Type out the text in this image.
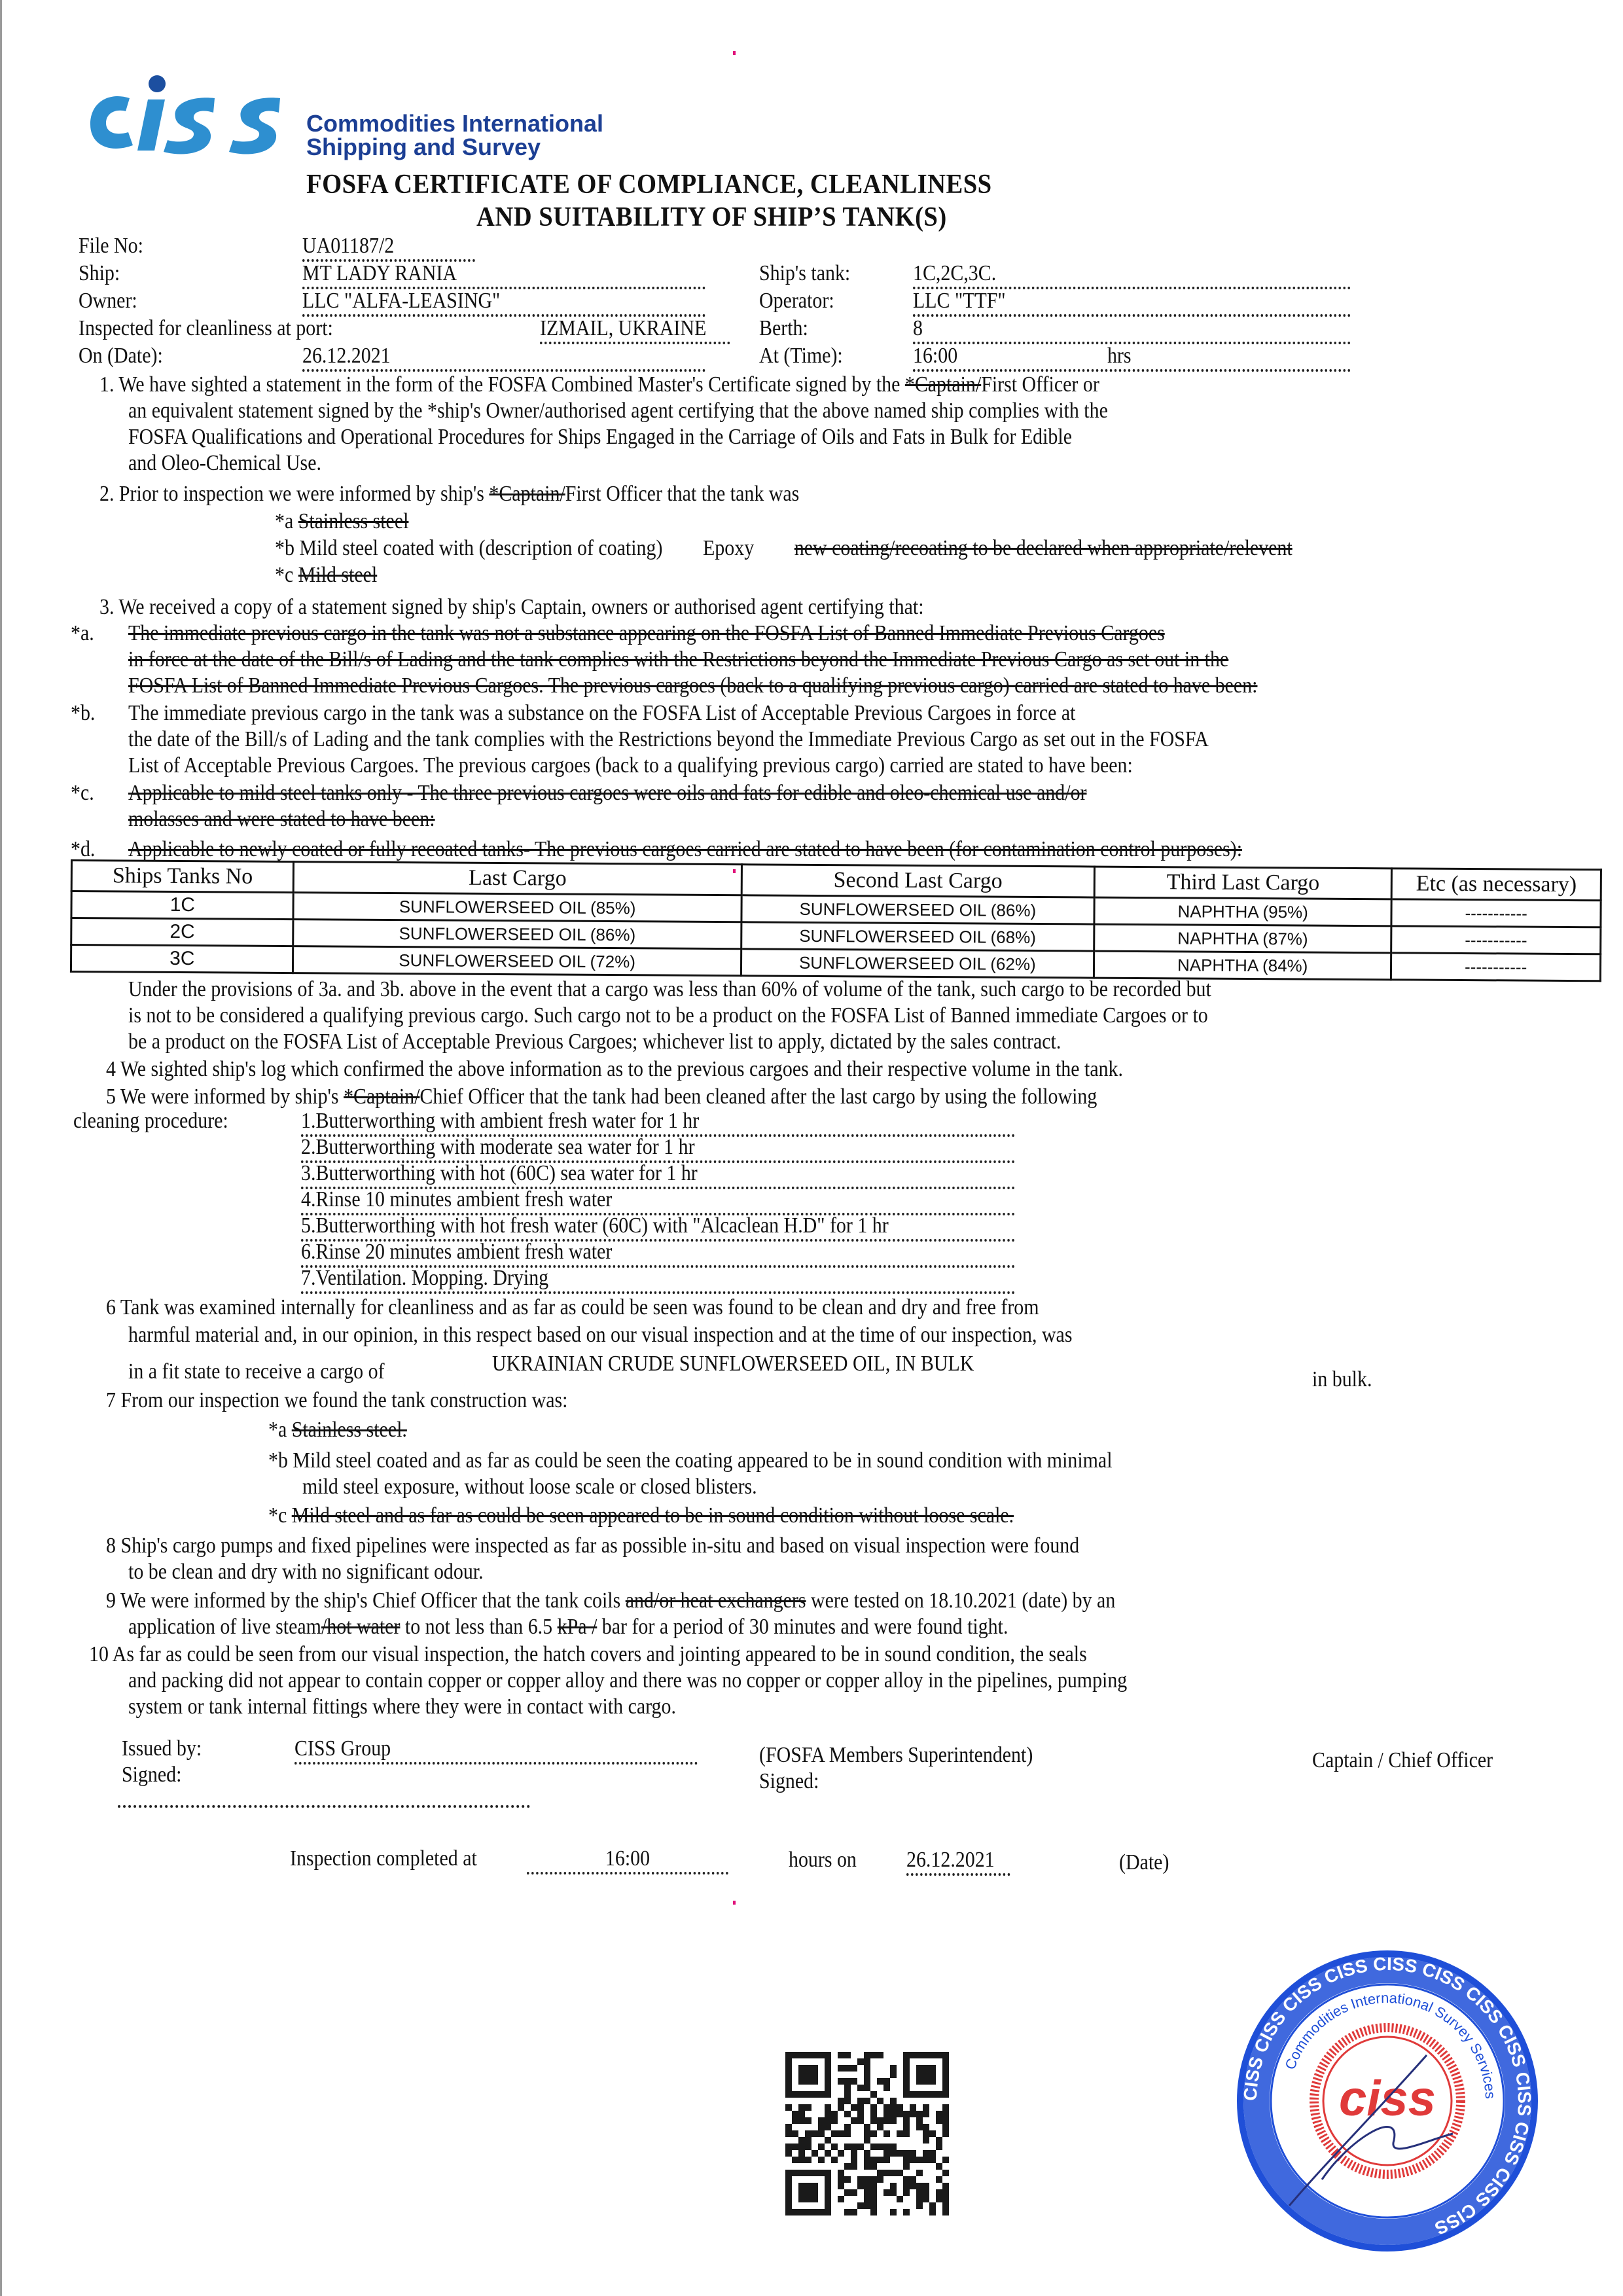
Commodities International
Shipping and Survey
FOSFA CERTIFICATE OF COMPLIANCE, CLEANLINESS
AND SUITABILITY OF SHIP’S TANK(S)
File No:	UA01187/2
Ship:	MT LADY RANIA	Ship's tank:	1C,2C,3C.
Owner:	LLC "ALFA-LEASING"	Operator:	LLC "TTF"
Inspected for cleanliness at port:	IZMAIL, UKRAINE	Berth:	8
On (Date):	26.12.2021	At (Time):	16:00	hrs
1. We have sighted a statement in the form of the FOSFA Combined Master's Certificate signed by the *Captain/First Officer or
an equivalent statement signed by the *ship's Owner/authorised agent certifying that the above named ship complies with the
FOSFA Qualifications and Operational Procedures for Ships Engaged in the Carriage of Oils and Fats in Bulk for Edible
and Oleo-Chemical Use.
2. Prior to inspection we were informed by ship's *Captain/First Officer that the tank was
*a Stainless steel
*b Mild steel coated with (description of coating) Epoxy new coating/recoating to be declared when appropriate/relevent
*c Mild steel
3. We received a copy of a statement signed by ship's Captain, owners or authorised agent certifying that:
*a. The immediate previous cargo in the tank was not a substance appearing on the FOSFA List of Banned Immediate Previous Cargoes
in force at the date of the Bill/s of Lading and the tank complies with the Restrictions beyond the Immediate Previous Cargo as set out in the
FOSFA List of Banned Immediate Previous Cargoes. The previous cargoes (back to a qualifying previous cargo) carried are stated to have been:
*b. The immediate previous cargo in the tank was a substance on the FOSFA List of Acceptable Previous Cargoes in force at
the date of the Bill/s of Lading and the tank complies with the Restrictions beyond the Immediate Previous Cargo as set out in the FOSFA
List of Acceptable Previous Cargoes. The previous cargoes (back to a qualifying previous cargo) carried are stated to have been:
*c. Applicable to mild steel tanks only - The three previous cargoes were oils and fats for edible and oleo-chemical use and/or
molasses and were stated to have been:
*d. Applicable to newly coated or fully recoated tanks- The previous cargoes carried are stated to have been (for contamination control purposes):
Ships Tanks No	Last Cargo	Second Last Cargo	Third Last Cargo	Etc (as necessary)
1C	SUNFLOWERSEED OIL (85%)	SUNFLOWERSEED OIL (86%)	NAPHTHA (95%)	-----------
2C	SUNFLOWERSEED OIL (86%)	SUNFLOWERSEED OIL (68%)	NAPHTHA (87%)	-----------
3C	SUNFLOWERSEED OIL (72%)	SUNFLOWERSEED OIL (62%)	NAPHTHA (84%)	-----------
Under the provisions of 3a. and 3b. above in the event that a cargo was less than 60% of volume of the tank, such cargo to be recorded but
is not to be considered a qualifying previous cargo. Such cargo not to be a product on the FOSFA List of Banned immediate Cargoes or to
be a product on the FOSFA List of Acceptable Previous Cargoes; whichever list to apply, dictated by the sales contract.
4 We sighted ship's log which confirmed the above information as to the previous cargoes and their respective volume in the tank.
5 We were informed by ship's *Captain/Chief Officer that the tank had been cleaned after the last cargo by using the following
cleaning procedure:	1.Butterworthing with ambient fresh water for 1 hr
2.Butterworthing with moderate sea water for 1 hr
3.Butterworthing with hot (60C) sea water for 1 hr
4.Rinse 10 minutes ambient fresh water
5.Butterworthing with hot fresh water (60C) with "Alcaclean H.D" for 1 hr
6.Rinse 20 minutes ambient fresh water
7.Ventilation. Mopping. Drying
6 Tank was examined internally for cleanliness and as far as could be seen was found to be clean and dry and free from
harmful material and, in our opinion, in this respect based on our visual inspection and at the time of our inspection, was
in a fit state to receive a cargo of	UKRAINIAN CRUDE SUNFLOWERSEED OIL, IN BULK
in bulk.
7 From our inspection we found the tank construction was:
*a Stainless steel.
*b Mild steel coated and as far as could be seen the coating appeared to be in sound condition with minimal
mild steel exposure, without loose scale or closed blisters.
*c Mild steel and as far as could be seen appeared to be in sound condition without loose scale.
8 Ship's cargo pumps and fixed pipelines were inspected as far as possible in-situ and based on visual inspection were found
to be clean and dry with no significant odour.
9 We were informed by the ship's Chief Officer that the tank coils and/or heat exchangers were tested on 18.10.2021 (date) by an
application of live steam/hot water to not less than 6.5 kPa / bar for a period of 30 minutes and were found tight.
10 As far as could be seen from our visual inspection, the hatch covers and jointing appeared to be in sound condition, the seals
and packing did not appear to contain copper or copper alloy and there was no copper or copper alloy in the pipelines, pumping
system or tank internal fittings where they were in contact with cargo.
Issued by:	CISS Group
Signed:
(FOSFA Members Superintendent)
Signed:
Captain / Chief Officer
Inspection completed at	16:00	hours on 26.12.2021	(Date)
CISS CISS CISS CISS CISS CISS CISS CISS CISS CISS CISS CISS
Commodities International Survey Services
ciss
